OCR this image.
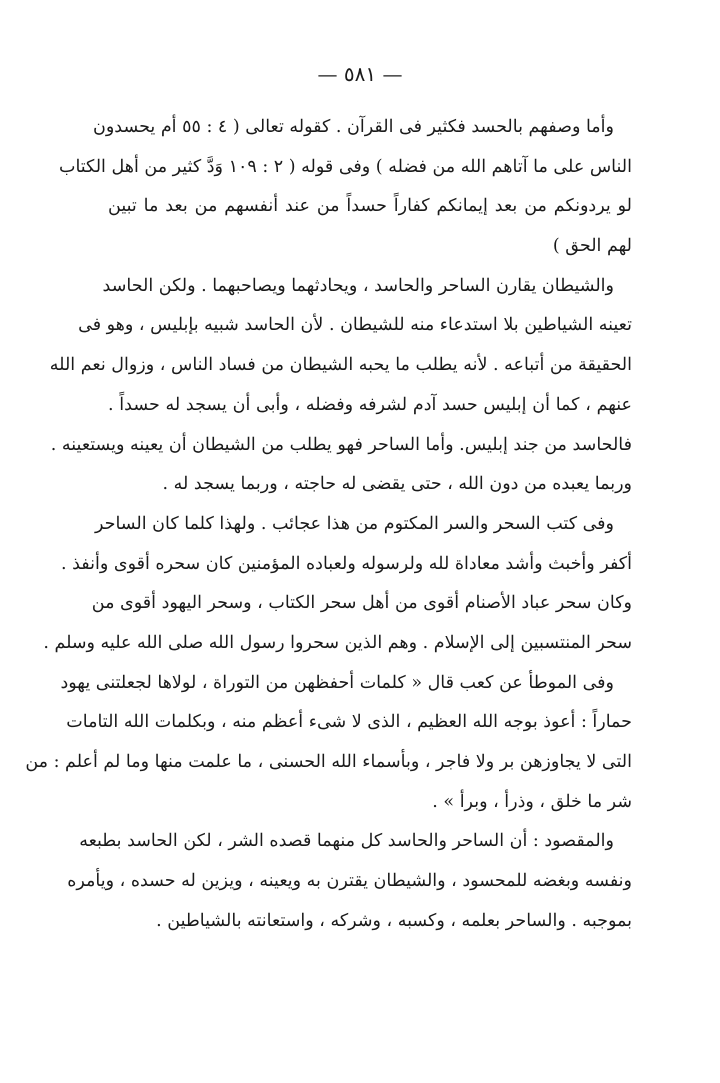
— ٥٨١ —
وأما وصفهم بالحسد فكثير فى القرآن . كقوله تعالى ( ٤ : ٥٥ أم يحسدون
الناس على ما آتاهم الله من فضله ) وفى قوله ( ٢ : ١٠٩ وَدَّ كثير من أهل الكتاب
لو يردونكم من بعد إيمانكم كفاراً حسداً من عند أنفسهم من بعد ما تبين
لهم الحق )
والشيطان يقارن الساحر والحاسد ، ويحادثهما ويصاحبهما . ولكن الحاسد
تعينه الشياطين بلا استدعاء منه للشيطان . لأن الحاسد شبيه بإبليس ، وهو فى
الحقيقة من أتباعه . لأنه يطلب ما يحبه الشيطان من فساد الناس ، وزوال نعم الله
عنهم ، كما أن إبليس حسد آدم لشرفه وفضله ، وأبى أن يسجد له حسداً .
فالحاسد من جند إبليس. وأما الساحر فهو يطلب من الشيطان أن يعينه ويستعينه .
وربما يعبده من دون الله ، حتى يقضى له حاجته ، وربما يسجد له .
وفى كتب السحر والسر المكتوم من هذا عجائب . ولهذا كلما كان الساحر
أكفر وأخبث وأشد معاداة لله ولرسوله ولعباده المؤمنين كان سحره أقوى وأنفذ .
وكان سحر عباد الأصنام أقوى من أهل سحر الكتاب ، وسحر اليهود أقوى من
سحر المنتسبين إلى الإسلام . وهم الذين سحروا رسول الله صلى الله عليه وسلم .
وفى الموطأ عن كعب قال « كلمات أحفظهن من التوراة ، لولاها لجعلتنى يهود
حماراً : أعوذ بوجه الله العظيم ، الذى لا شىء أعظم منه ، وبكلمات الله التامات
التى لا يجاوزهن بر ولا فاجر ، وبأسماء الله الحسنى ، ما علمت منها وما لم أعلم : من
شر ما خلق ، وذرأ ، وبرأ » .
والمقصود : أن الساحر والحاسد كل منهما قصده الشر ، لكن الحاسد بطبعه
ونفسه وبغضه للمحسود ، والشيطان يقترن به ويعينه ، ويزين له حسده ، ويأمره
بموجبه . والساحر بعلمه ، وكسبه ، وشركه ، واستعانته بالشياطين .
